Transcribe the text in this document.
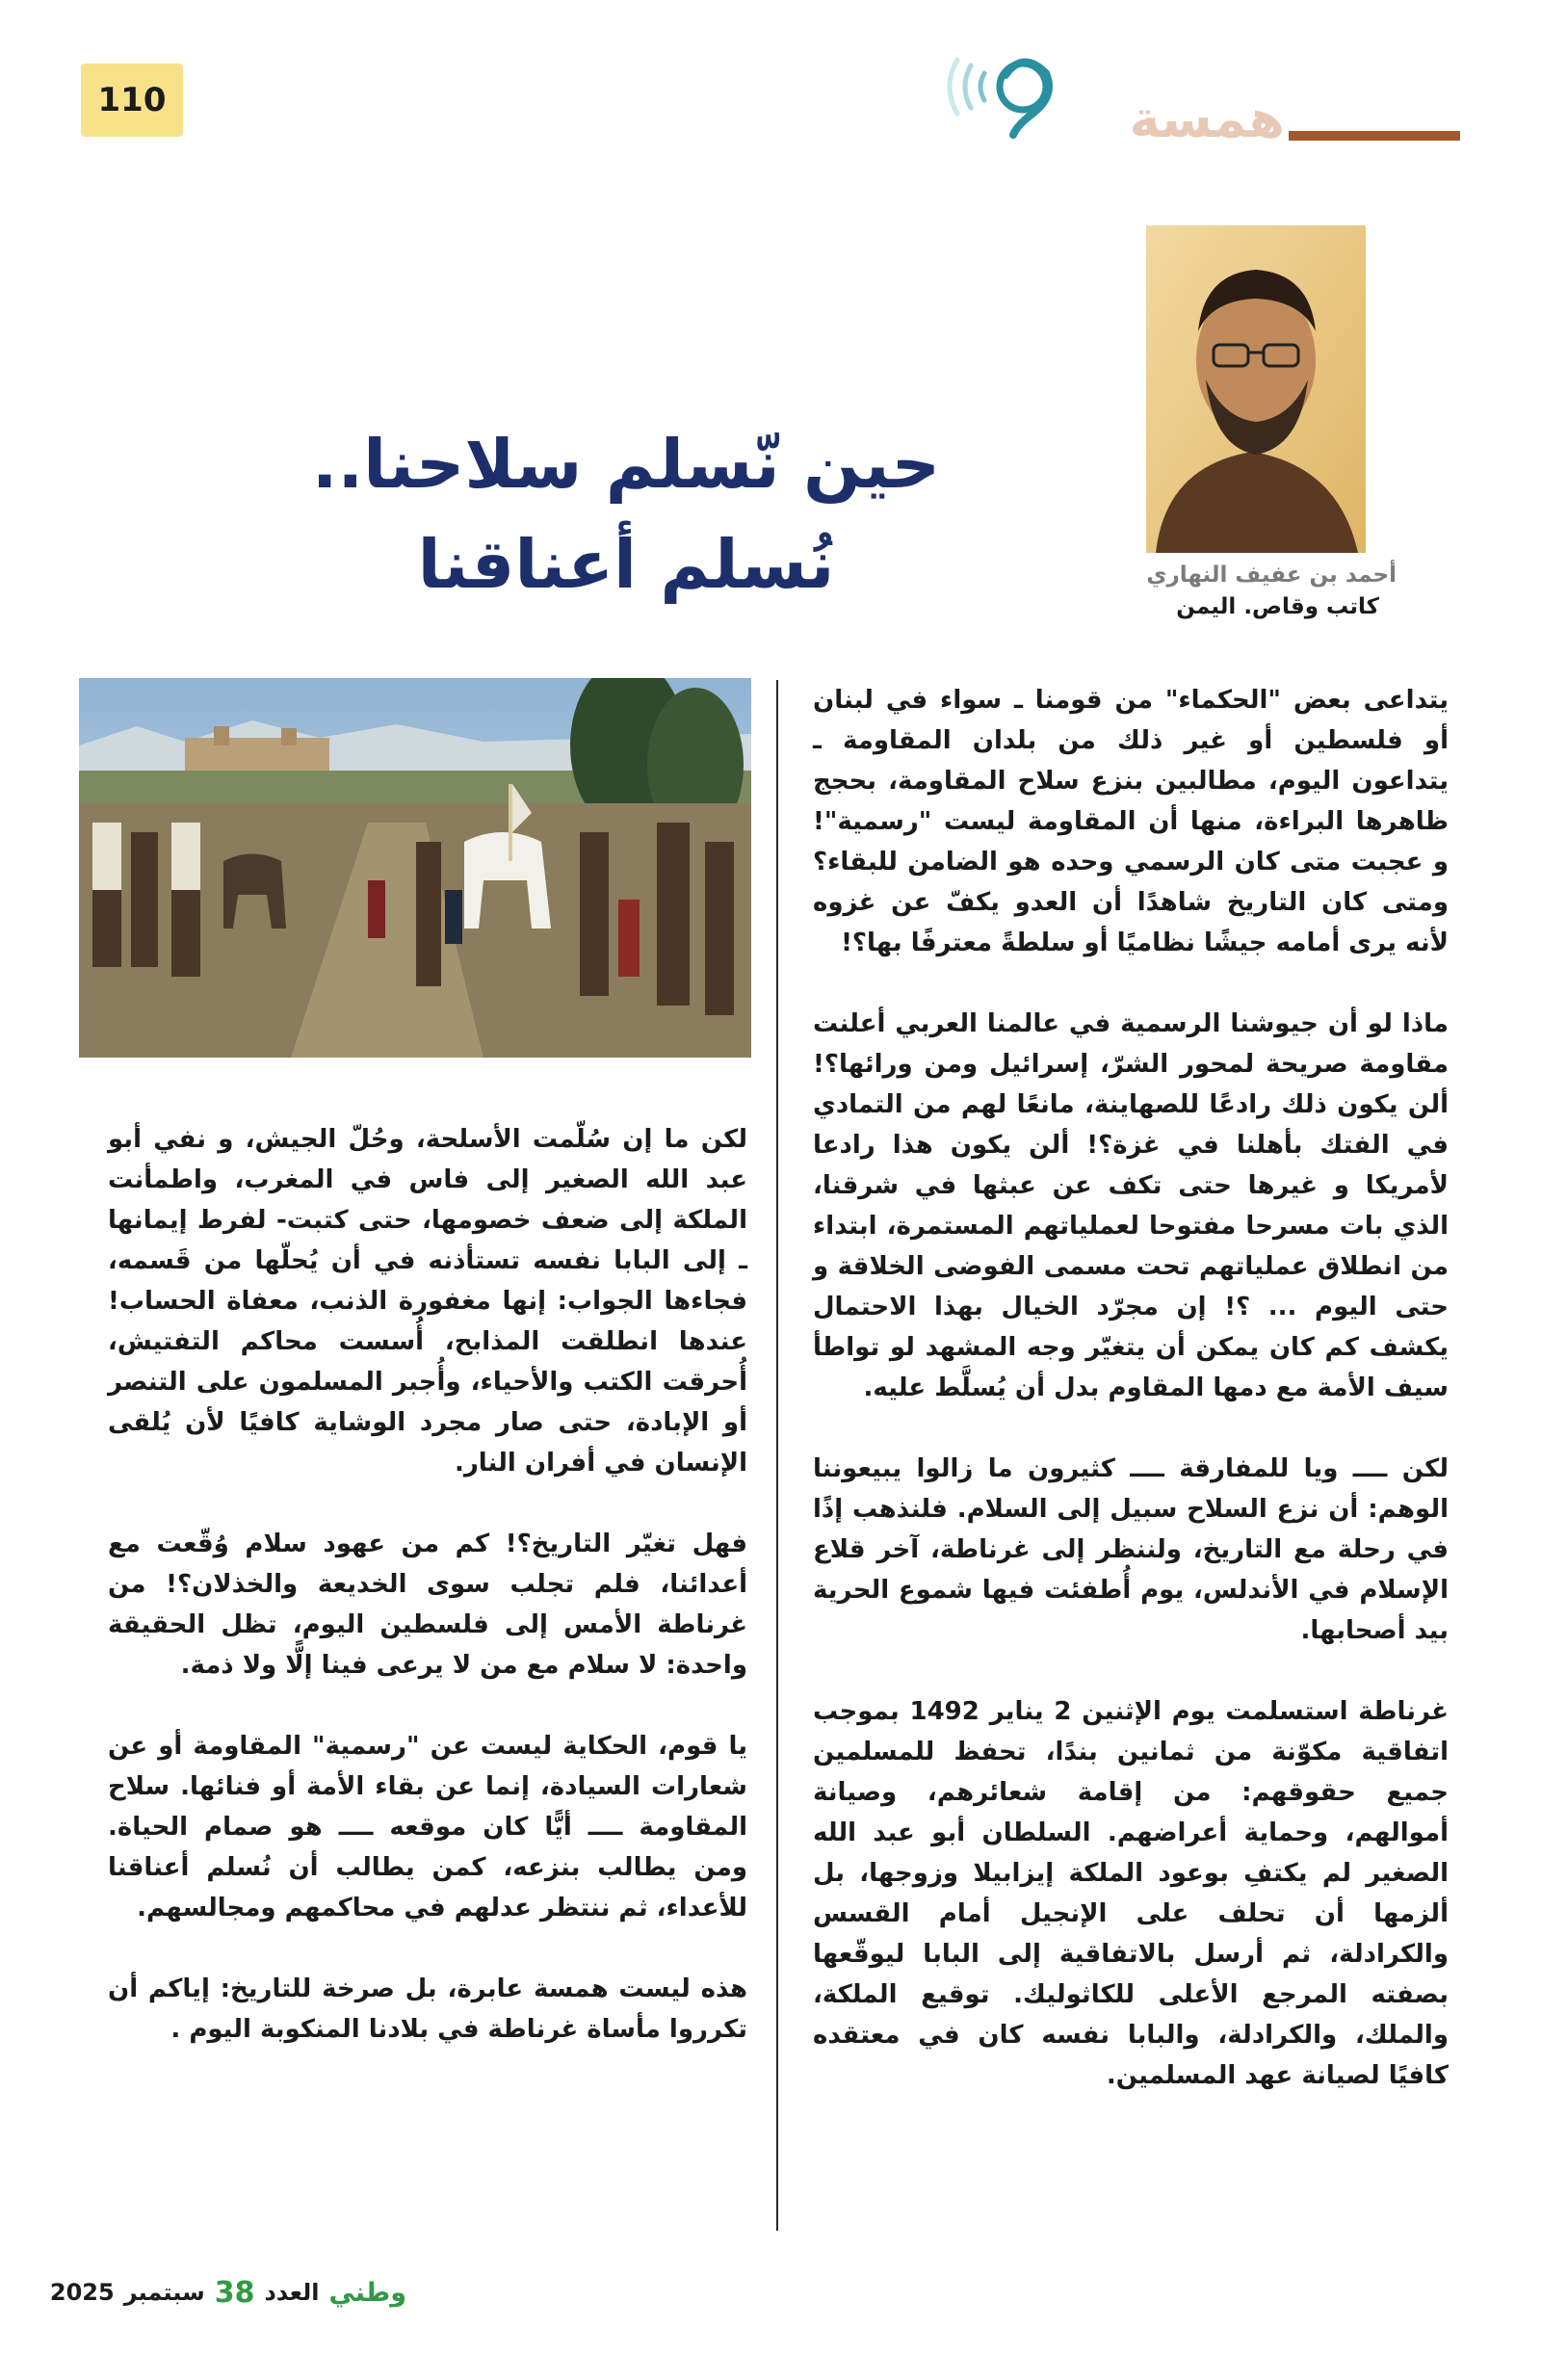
110	همسة
أحمد بن عفيف النهاري
كاتب وقاص. اليمن
حين نّسلم سلاحنا..
نُسلم أعناقنا

يتداعى بعض "الحكماء" من قومنا ـ سواء في لبنان أو فلسطين أو غير ذلك من بلدان المقاومة ـ يتداعون اليوم، مطالبين بنزع سلاح المقاومة، بحجج ظاهرها البراءة، منها أن المقاومة ليست "رسمية"! و عجبت متى كان الرسمي وحده هو الضامن للبقاء؟ ومتى كان التاريخ شاهدًا أن العدو يكفّ عن غزوه لأنه يرى أمامه جيشًا نظاميًا أو سلطةً معترفًا بها؟!

ماذا لو أن جيوشنا الرسمية في عالمنا العربي أعلنت مقاومة صريحة لمحور الشرّ، إسرائيل ومن ورائها؟! ألن يكون ذلك رادعًا للصهاينة، مانعًا لهم من التمادي في الفتك بأهلنا في غزة؟! ألن يكون هذا رادعا لأمريكا و غيرها حتى تكف عن عبثها في شرقنا، الذي بات مسرحا مفتوحا لعملياتهم المستمرة، ابتداء من انطلاق عملياتهم تحت مسمى الفوضى الخلاقة و حتى اليوم ... ؟! إن مجرّد الخيال بهذا الاحتمال يكشف كم كان يمكن أن يتغيّر وجه المشهد لو تواطأ سيف الأمة مع دمها المقاوم بدل أن يُسلَّط عليه.

لكن ــــ ويا للمفارقة ــــ كثيرون ما زالوا يبيعوننا الوهم: أن نزع السلاح سبيل إلى السلام. فلنذهب إذًا في رحلة مع التاريخ، ولننظر إلى غرناطة، آخر قلاع الإسلام في الأندلس، يوم أُطفئت فيها شموع الحرية بيد أصحابها.

غرناطة استسلمت يوم الإثنين 2 يناير 1492 بموجب اتفاقية مكوّنة من ثمانين بندًا، تحفظ للمسلمين جميع حقوقهم: من إقامة شعائرهم، وصيانة أموالهم، وحماية أعراضهم. السلطان أبو عبد الله الصغير لم يكتفِ بوعود الملكة إيزابيلا وزوجها، بل ألزمها أن تحلف على الإنجيل أمام القسس والكرادلة، ثم أرسل بالاتفاقية إلى البابا ليوقّعها بصفته المرجع الأعلى للكاثوليك. توقيع الملكة، والملك، والكرادلة، والبابا نفسه كان في معتقده كافيًا لصيانة عهد المسلمين.

لكن ما إن سُلّمت الأسلحة، وحُلّ الجيش، و نفي أبو عبد الله الصغير إلى فاس في المغرب، واطمأنت الملكة إلى ضعف خصومها، حتى كتبت- لفرط إيمانها ـ إلى البابا نفسه تستأذنه في أن يُحلّها من قَسمه، فجاءها الجواب: إنها مغفورة الذنب، معفاة الحساب! عندها انطلقت المذابح، أُسست محاكم التفتيش، أُحرقت الكتب والأحياء، وأُجبر المسلمون على التنصر أو الإبادة، حتى صار مجرد الوشاية كافيًا لأن يُلقى الإنسان في أفران النار.

فهل تغيّر التاريخ؟! كم من عهود سلام وُقّعت مع أعدائنا، فلم تجلب سوى الخديعة والخذلان؟! من غرناطة الأمس إلى فلسطين اليوم، تظل الحقيقة واحدة: لا سلام مع من لا يرعى فينا إلًّا ولا ذمة.

يا قوم، الحكاية ليست عن "رسمية" المقاومة أو عن شعارات السيادة، إنما عن بقاء الأمة أو فنائها. سلاح المقاومة ــــ أيًّا كان موقعه ــــ هو صمام الحياة. ومن يطالب بنزعه، كمن يطالب أن نُسلم أعناقنا للأعداء، ثم ننتظر عدلهم في محاكمهم ومجالسهم.

هذه ليست همسة عابرة، بل صرخة للتاريخ: إياكم أن تكرروا مأساة غرناطة في بلادنا المنكوبة اليوم .

وطني
العدد
38
سبتمبر
2025
